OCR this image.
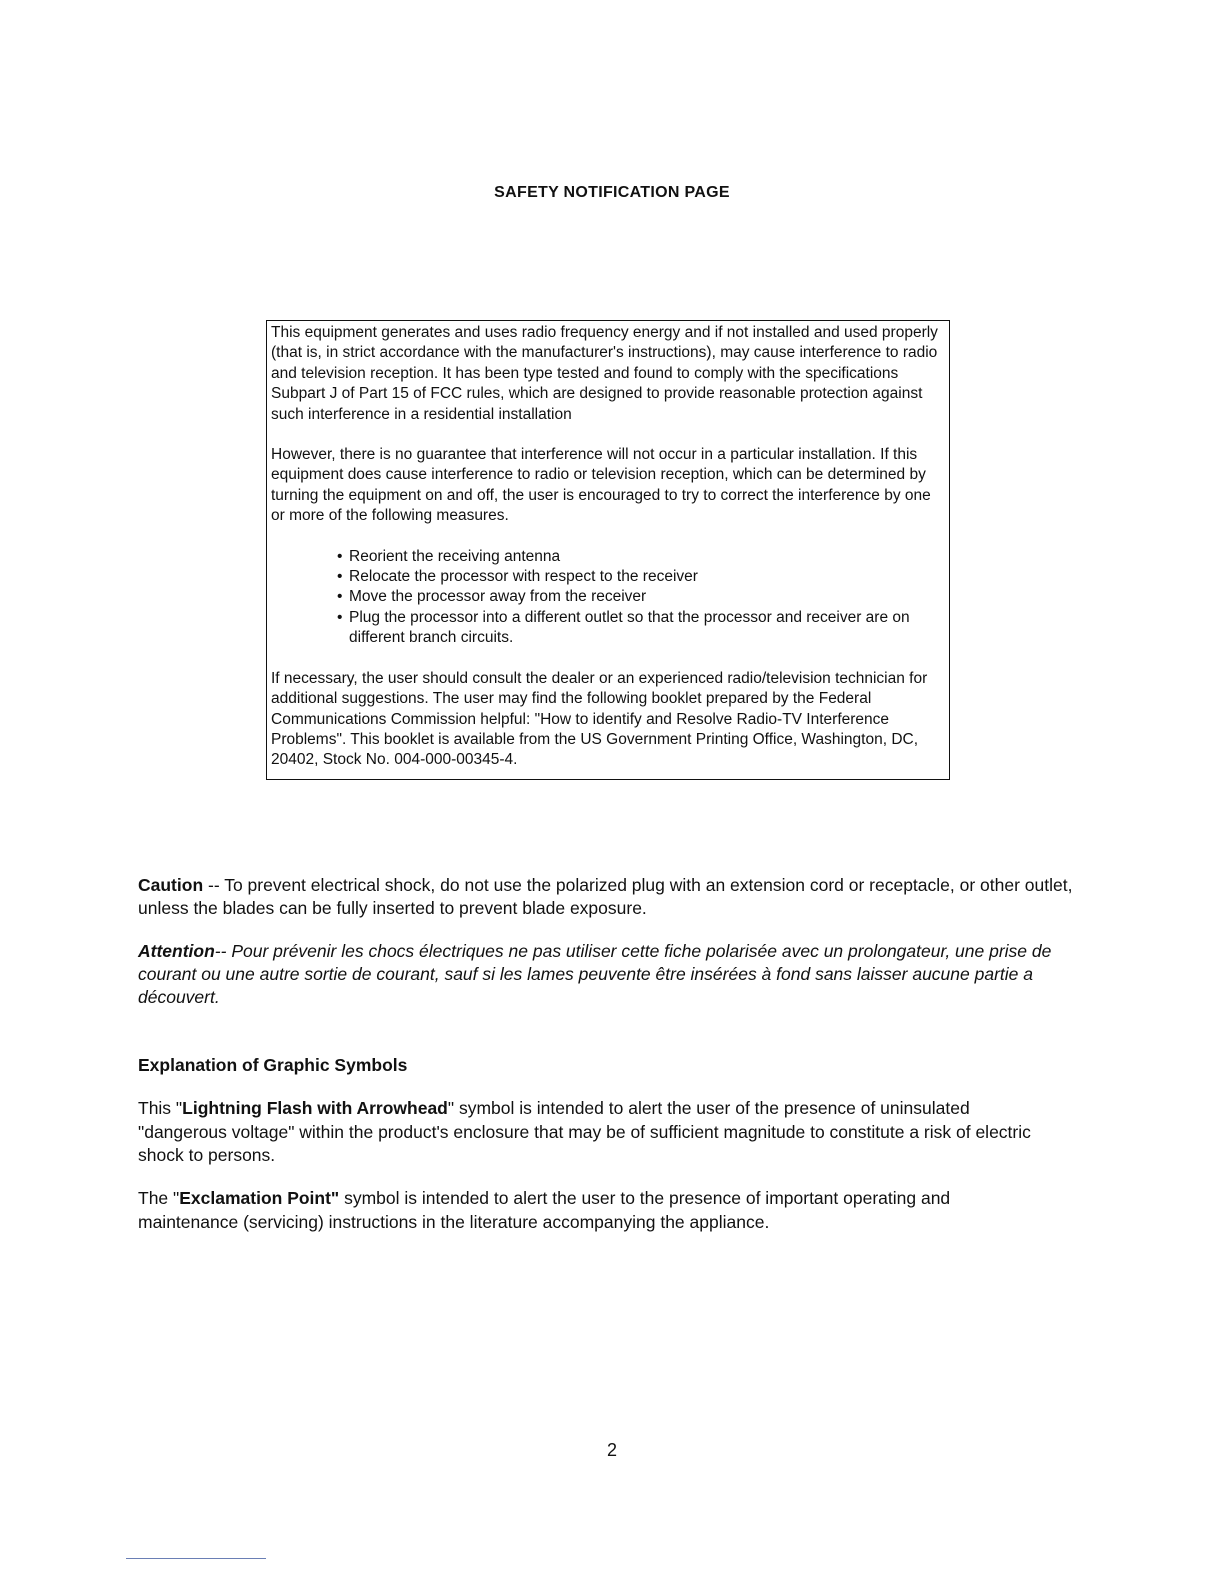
SAFETY NOTIFICATION PAGE

This equipment generates and uses radio frequency energy and if not installed and used properly (that is, in strict accordance with the manufacturer's instructions), may cause interference to radio and television reception. It has been type tested and found to comply with the specifications Subpart J of Part 15 of FCC rules, which are designed to provide reasonable protection against such interference in a residential installation

However, there is no guarantee that interference will not occur in a particular installation. If this equipment does cause interference to radio or television reception, which can be determined by turning the equipment on and off, the user is encouraged to try to correct the interference by one or more of the following measures.

• Reorient the receiving antenna
• Relocate the processor with respect to the receiver
• Move the processor away from the receiver
• Plug the processor into a different outlet so that the processor and receiver are on different branch circuits.

If necessary, the user should consult the dealer or an experienced radio/television technician for additional suggestions. The user may find the following booklet prepared by the Federal Communications Commission helpful: "How to identify and Resolve Radio-TV Interference Problems". This booklet is available from the US Government Printing Office, Washington, DC, 20402, Stock No. 004-000-00345-4.

Caution -- To prevent electrical shock, do not use the polarized plug with an extension cord or receptacle, or other outlet, unless the blades can be fully inserted to prevent blade exposure.

Attention-- Pour prévenir les chocs électriques ne pas utiliser cette fiche polarisée avec un prolongateur, une prise de courant ou une autre sortie de courant, sauf si les lames peuvente être insérées à fond sans laisser aucune partie a découvert.

Explanation of Graphic Symbols

This "Lightning Flash with Arrowhead" symbol is intended to alert the user of the presence of uninsulated "dangerous voltage" within the product's enclosure that may be of sufficient magnitude to constitute a risk of electric shock to persons.

The "Exclamation Point" symbol is intended to alert the user to the presence of important operating and maintenance (servicing) instructions in the literature accompanying the appliance.

2
